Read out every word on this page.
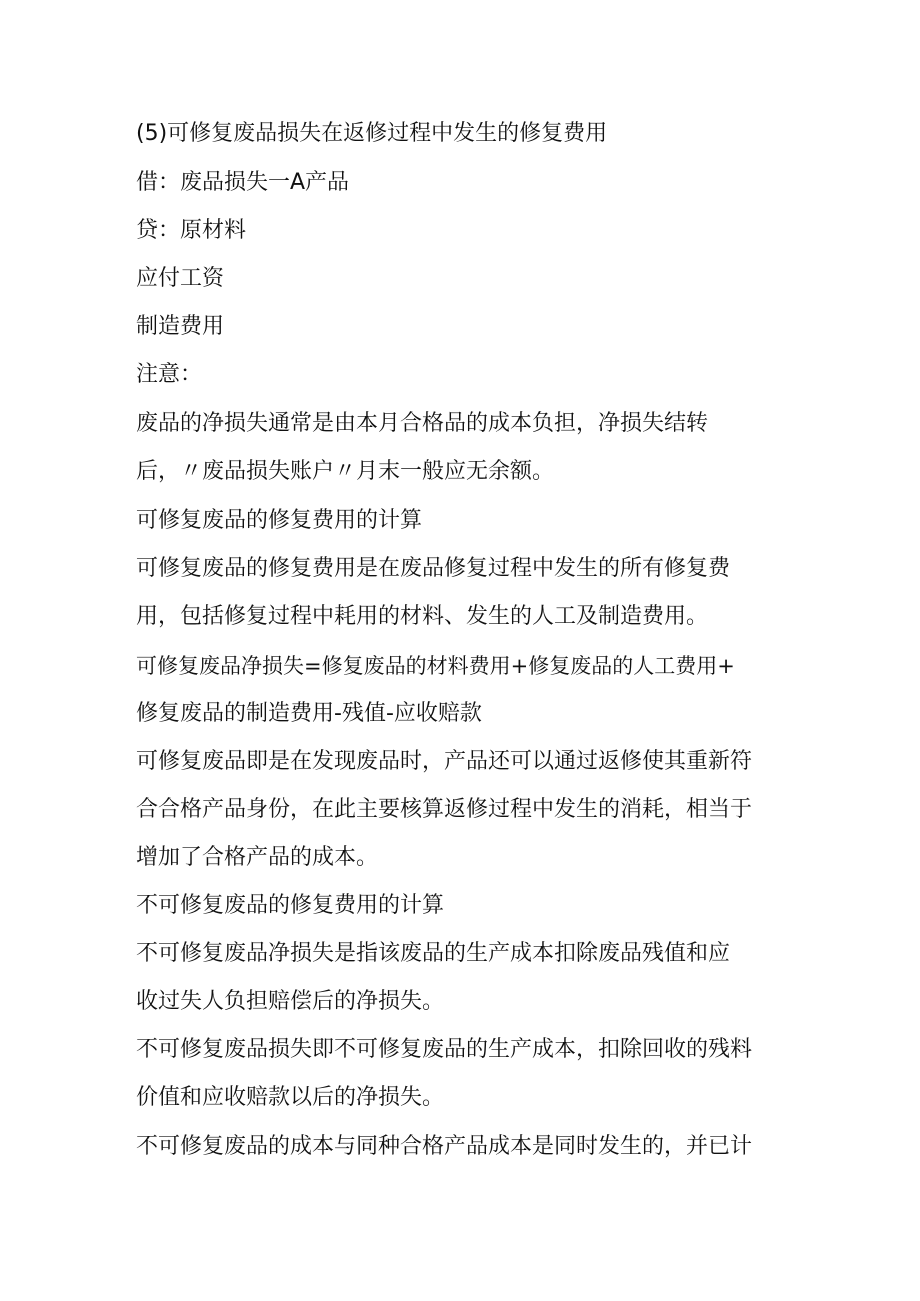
(5)可修复废品损失在返修过程中发生的修复费用

借：废品损失一A产品

贷：原材料

应付工资

制造费用

注意：

废品的净损失通常是由本月合格品的成本负担，净损失结转

后，〃废品损失账户〃月末一般应无余额。

可修复废品的修复费用的计算

可修复废品的修复费用是在废品修复过程中发生的所有修复费

用，包括修复过程中耗用的材料、发生的人工及制造费用。

可修复废品净损失=修复废品的材料费用+修复废品的人工费用+

修复废品的制造费用-残值-应收赔款

可修复废品即是在发现废品时，产品还可以通过返修使其重新符

合合格产品身份，在此主要核算返修过程中发生的消耗，相当于

增加了合格产品的成本。

不可修复废品的修复费用的计算

不可修复废品净损失是指该废品的生产成本扣除废品残值和应

收过失人负担赔偿后的净损失。

不可修复废品损失即不可修复废品的生产成本，扣除回收的残料

价值和应收赔款以后的净损失。

不可修复废品的成本与同种合格产品成本是同时发生的，并已计
